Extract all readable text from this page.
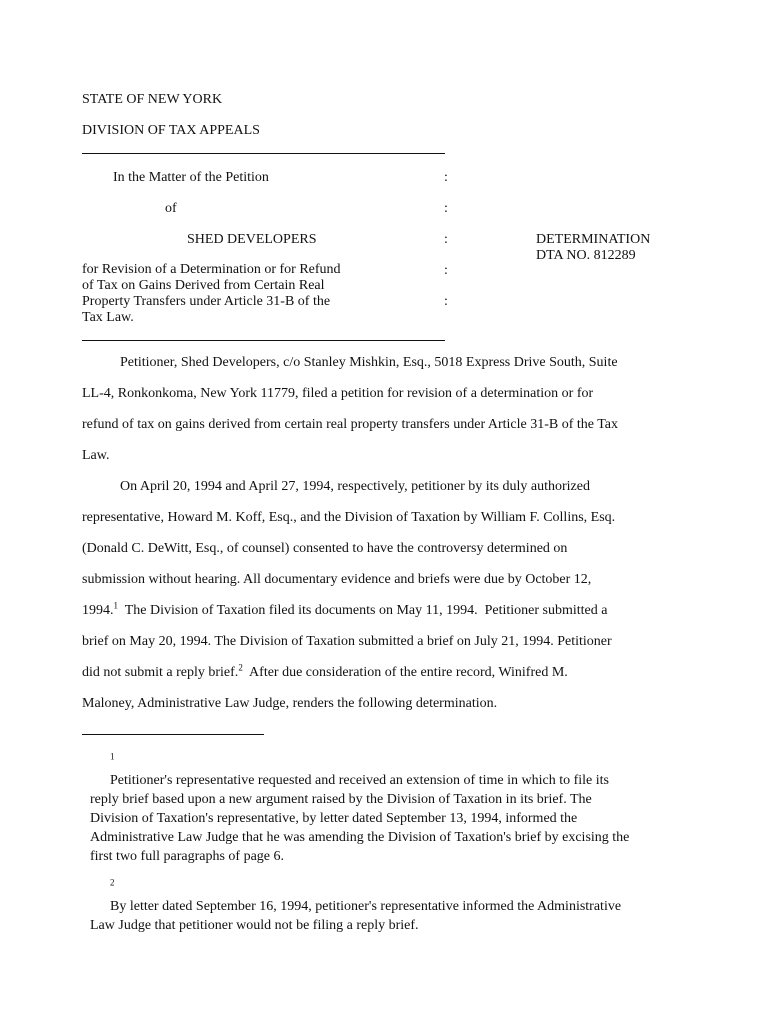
STATE OF NEW YORK
DIVISION OF TAX APPEALS
In the Matter of the Petition
of
SHED DEVELOPERS
for Revision of a Determination or for Refund
of Tax on Gains Derived from Certain Real
Property Transfers under Article 31-B of the
Tax Law.
:
:
:
:
:
DETERMINATION
DTA NO. 812289
Petitioner, Shed Developers, c/o Stanley Mishkin, Esq., 5018 Express Drive South, Suite
LL-4, Ronkonkoma, New York 11779, filed a petition for revision of a determination or for
refund of tax on gains derived from certain real property transfers under Article 31-B of the Tax
Law.
On April 20, 1994 and April 27, 1994, respectively, petitioner by its duly authorized
representative, Howard M. Koff, Esq., and the Division of Taxation by William F. Collins, Esq.
(Donald C. DeWitt, Esq., of counsel) consented to have the controversy determined on
submission without hearing. All documentary evidence and briefs were due by October 12,
1994.$^1$  The Division of Taxation filed its documents on May 11, 1994.  Petitioner submitted a
brief on May 20, 1994. The Division of Taxation submitted a brief on July 21, 1994. Petitioner
did not submit a reply brief.$^2$  After due consideration of the entire record, Winifred M.
Maloney, Administrative Law Judge, renders the following determination.
$^1$
Petitioner's representative requested and received an extension of time in which to file its
reply brief based upon a new argument raised by the Division of Taxation in its brief. The
Division of Taxation's representative, by letter dated September 13, 1994, informed the
Administrative Law Judge that he was amending the Division of Taxation's brief by excising the
first two full paragraphs of page 6.
$^2$
By letter dated September 16, 1994, petitioner's representative informed the Administrative
Law Judge that petitioner would not be filing a reply brief.
